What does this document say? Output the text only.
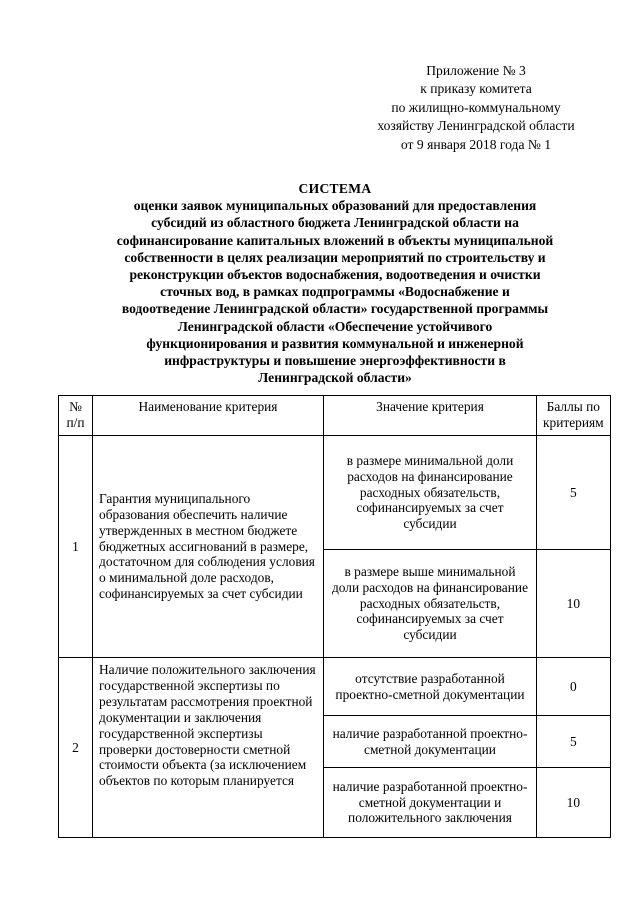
Приложение № 3
к приказу комитета
по жилищно-коммунальному
хозяйству Ленинградской области
от 9 января 2018 года № 1
СИСТЕМА
оценки заявок муниципальных образований для предоставления
субсидий из областного бюджета Ленинградской области на
софинансирование капитальных вложений в объекты муниципальной
собственности в целях реализации мероприятий по строительству и
реконструкции объектов водоснабжения, водоотведения и очистки
сточных вод, в рамках подпрограммы «Водоснабжение и
водоотведение Ленинградской области» государственной программы
Ленинградской области «Обеспечение устойчивого
функционирования и развития коммунальной и инженерной
инфраструктуры и повышение энергоэффективности в
Ленинградской области»
№ п/п	Наименование критерия	Значение критерия	Баллы по критериям
1	Гарантия муниципального образования обеспечить наличие утвержденных в местном бюджете бюджетных ассигнований в размере, достаточном для соблюдения условия о минимальной доле расходов, софинансируемых за счет субсидии	в размере минимальной доли расходов на финансирование расходных обязательств, софинансируемых за счет субсидии	5
		в размере выше минимальной доли расходов на финансирование расходных обязательств, софинансируемых за счет субсидии	10
2	Наличие положительного заключения государственной экспертизы по результатам рассмотрения проектной документации и заключения государственной экспертизы проверки достоверности сметной стоимости объекта (за исключением объектов по которым планируется	отсутствие разработанной проектно-сметной документации	0
		наличие разработанной проектно-сметной документации	5
		наличие разработанной проектно-сметной документации и положительного заключения	10
